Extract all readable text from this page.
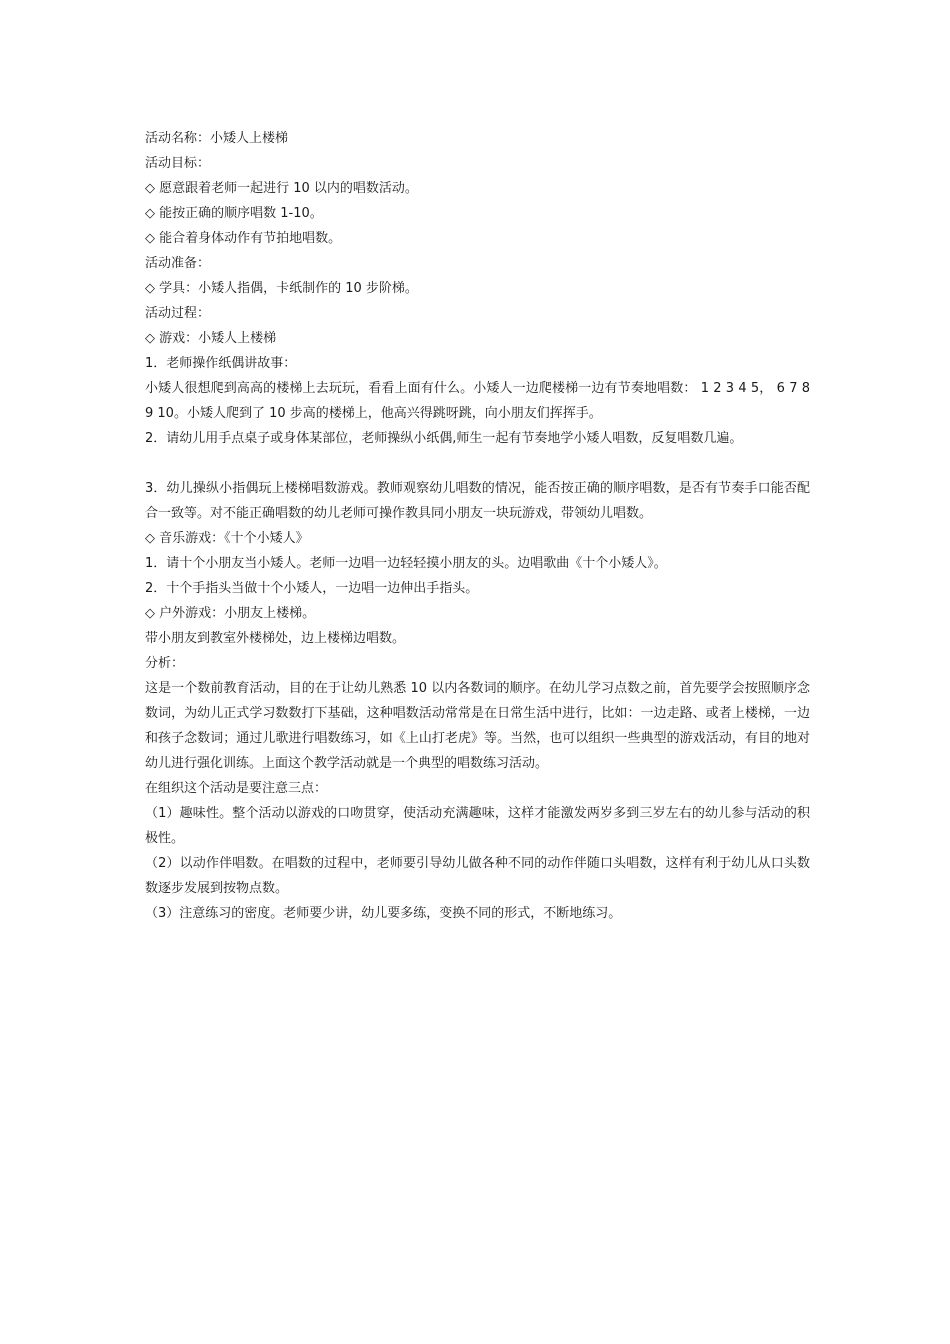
活动名称：小矮人上楼梯

活动目标：

◇ 愿意跟着老师一起进行 10 以内的唱数活动。

◇ 能按正确的顺序唱数 1-10。

◇ 能合着身体动作有节拍地唱数。

活动准备：

◇ 学具：小矮人指偶，卡纸制作的 10 步阶梯。

活动过程：

◇ 游戏：小矮人上楼梯

1．老师操作纸偶讲故事：

小矮人很想爬到高高的楼梯上去玩玩，看看上面有什么。小矮人一边爬楼梯一边有节奏地唱数： 1 2 3 4 5， 6 7 8 9 10。小矮人爬到了 10 步高的楼梯上，他高兴得跳呀跳，向小朋友们挥挥手。

2．请幼儿用手点桌子或身体某部位，老师操纵小纸偶,师生一起有节奏地学小矮人唱数，反复唱数几遍。

3．幼儿操纵小指偶玩上楼梯唱数游戏。教师观察幼儿唱数的情况，能否按正确的顺序唱数，是否有节奏手口能否配合一致等。对不能正确唱数的幼儿老师可操作教具同小朋友一块玩游戏，带领幼儿唱数。

◇ 音乐游戏：《十个小矮人》

1．请十个小朋友当小矮人。老师一边唱一边轻轻摸小朋友的头。边唱歌曲《十个小矮人》。

2．十个手指头当做十个小矮人，一边唱一边伸出手指头。

◇ 户外游戏：小朋友上楼梯。

带小朋友到教室外楼梯处，边上楼梯边唱数。

分析：

这是一个数前教育活动，目的在于让幼儿熟悉 10 以内各数词的顺序。在幼儿学习点数之前，首先要学会按照顺序念数词，为幼儿正式学习数数打下基础，这种唱数活动常常是在日常生活中进行，比如：一边走路、或者上楼梯，一边和孩子念数词；通过儿歌进行唱数练习，如《上山打老虎》等。当然，也可以组织一些典型的游戏活动，有目的地对幼儿进行强化训练。上面这个教学活动就是一个典型的唱数练习活动。

在组织这个活动是要注意三点：

（1）趣味性。整个活动以游戏的口吻贯穿，使活动充满趣味，这样才能激发两岁多到三岁左右的幼儿参与活动的积极性。

（2）以动作伴唱数。在唱数的过程中，老师要引导幼儿做各种不同的动作伴随口头唱数，这样有利于幼儿从口头数数逐步发展到按物点数。

（3）注意练习的密度。老师要少讲，幼儿要多练，变换不同的形式，不断地练习。
